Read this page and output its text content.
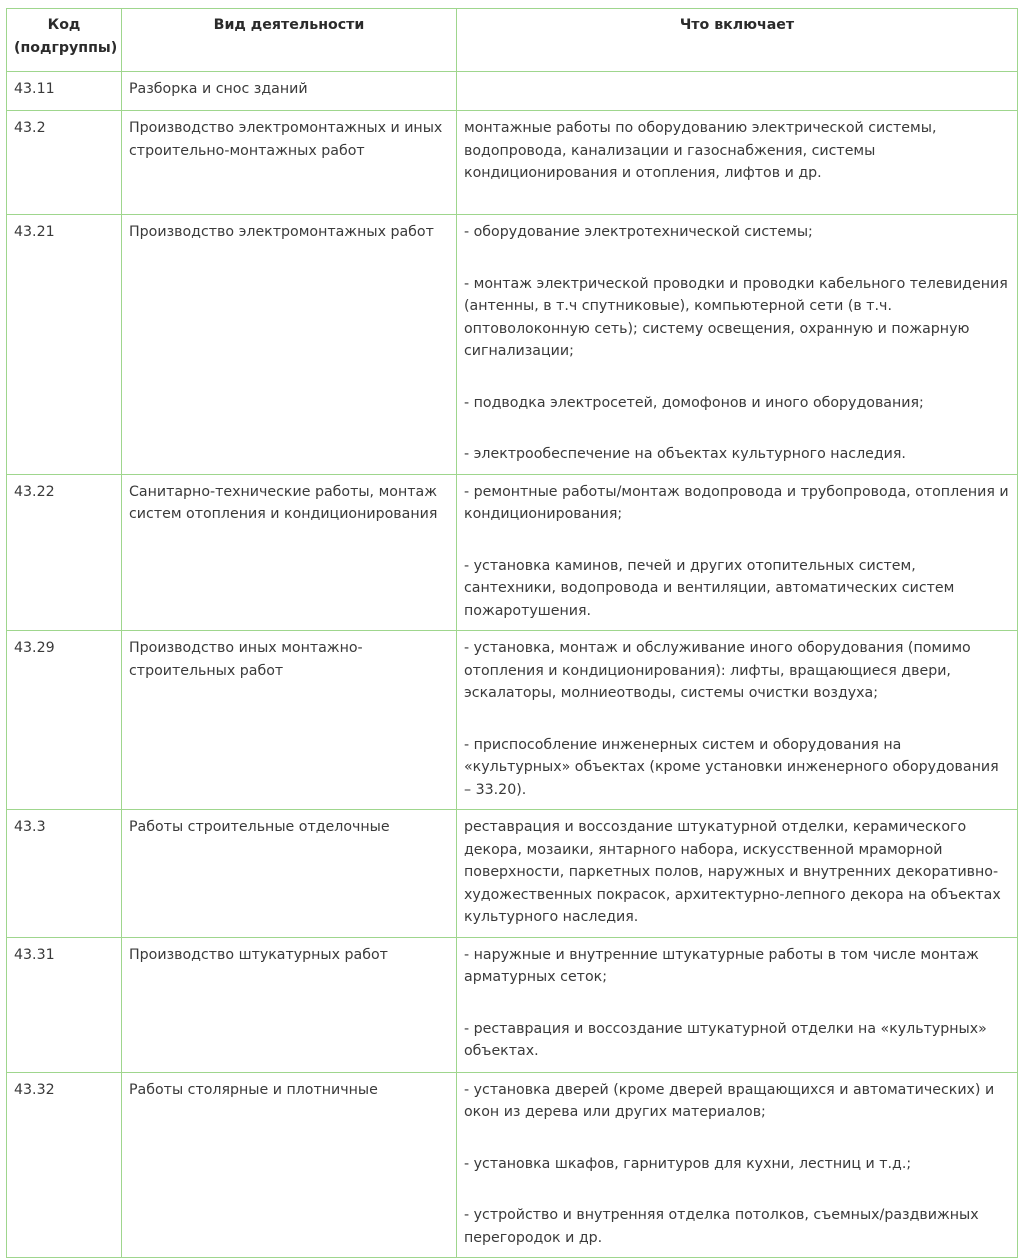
Код
(подгруппы)	Вид деятельности	Что включает
43.11	Разборка и снос зданий	
43.2	Производство электромонтажных и иных строительно-монтажных работ	монтажные работы по оборудованию электрической системы, водопровода, канализации и газоснабжения, системы кондиционирования и отопления, лифтов и др.

43.21	Производство электромонтажных работ	- оборудование электротехнической системы;
- монтаж электрической проводки и проводки кабельного телевидения (антенны, в т.ч спутниковые), компьютерной сети (в т.ч. оптоволоконную сеть); систему освещения, охранную и пожарную сигнализации;
- подводка электросетей, домофонов и иного оборудования;
- электрообеспечение на объектах культурного наследия.

43.22	Санитарно-технические работы, монтаж систем отопления и кондиционирования	- ремонтные работы/монтаж водопровода и трубопровода, отопления и кондиционирования;
- установка каминов, печей и других отопительных систем, сантехники, водопровода и вентиляции, автоматических систем пожаротушения.

43.29	Производство иных монтажно-строительных работ	- установка, монтаж и обслуживание иного оборудования (помимо отопления и кондиционирования): лифты, вращающиеся двери, эскалаторы, молниеотводы, системы очистки воздуха;
- приспособление инженерных систем и оборудования на «культурных» объектах (кроме установки инженерного оборудования – 33.20).

43.3	Работы строительные отделочные	реставрация и воссоздание штукатурной отделки, керамического декора, мозаики, янтарного набора, искусственной мраморной поверхности, паркетных полов, наружных и внутренних декоративно-художественных покрасок, архитектурно-лепного декора на объектах культурного наследия.

43.31	Производство штукатурных работ	- наружные и внутренние штукатурные работы в том числе монтаж арматурных сеток;
- реставрация и воссоздание штукатурной отделки на «культурных» объектах.

43.32	Работы столярные и плотничные	- установка дверей (кроме дверей вращающихся и автоматических) и окон из дерева или других материалов;
- установка шкафов, гарнитуров для кухни, лестниц и т.д.;
- устройство и внутренняя отделка потолков, съемных/раздвижных перегородок и др.
